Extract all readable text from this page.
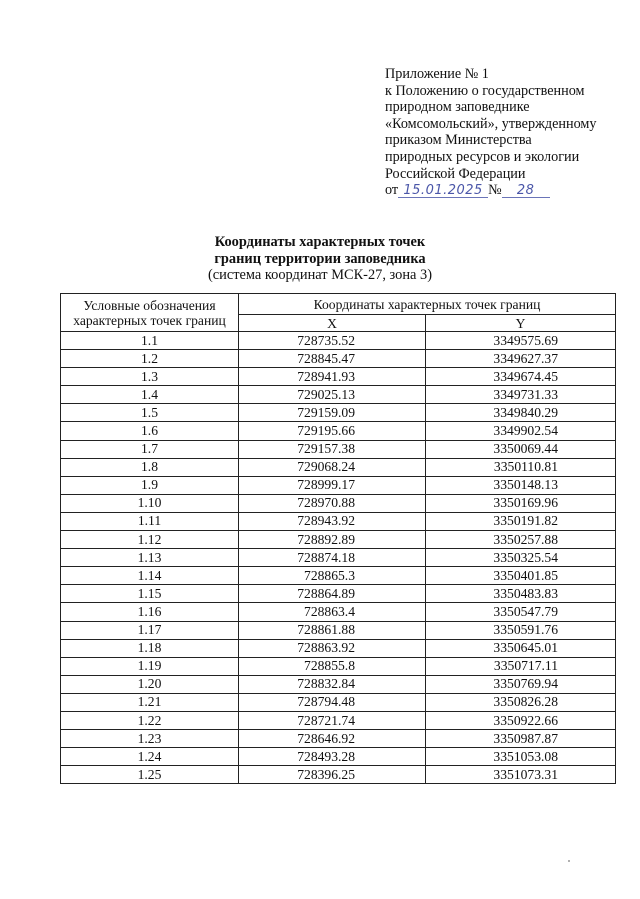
Приложение № 1
к Положению о государственном
природном заповеднике
«Комсомольский», утвержденному
приказом Министерства
природных ресурсов и экологии
Российской Федерации
от 15.01.2025 № 28
Координаты характерных точек
границ территории заповедника
(система координат МСК-27, зона 3)
Условные обозначения характерных точек границ	Координаты характерных точек границ	
	X	Y
1.1	728735.52	3349575.69
1.2	728845.47	3349627.37
1.3	728941.93	3349674.45
1.4	729025.13	3349731.33
1.5	729159.09	3349840.29
1.6	729195.66	3349902.54
1.7	729157.38	3350069.44
1.8	729068.24	3350110.81
1.9	728999.17	3350148.13
1.10	728970.88	3350169.96
1.11	728943.92	3350191.82
1.12	728892.89	3350257.88
1.13	728874.18	3350325.54
1.14	728865.3	3350401.85
1.15	728864.89	3350483.83
1.16	728863.4	3350547.79
1.17	728861.88	3350591.76
1.18	728863.92	3350645.01
1.19	728855.8	3350717.11
1.20	728832.84	3350769.94
1.21	728794.48	3350826.28
1.22	728721.74	3350922.66
1.23	728646.92	3350987.87
1.24	728493.28	3351053.08
1.25	728396.25	3351073.31
